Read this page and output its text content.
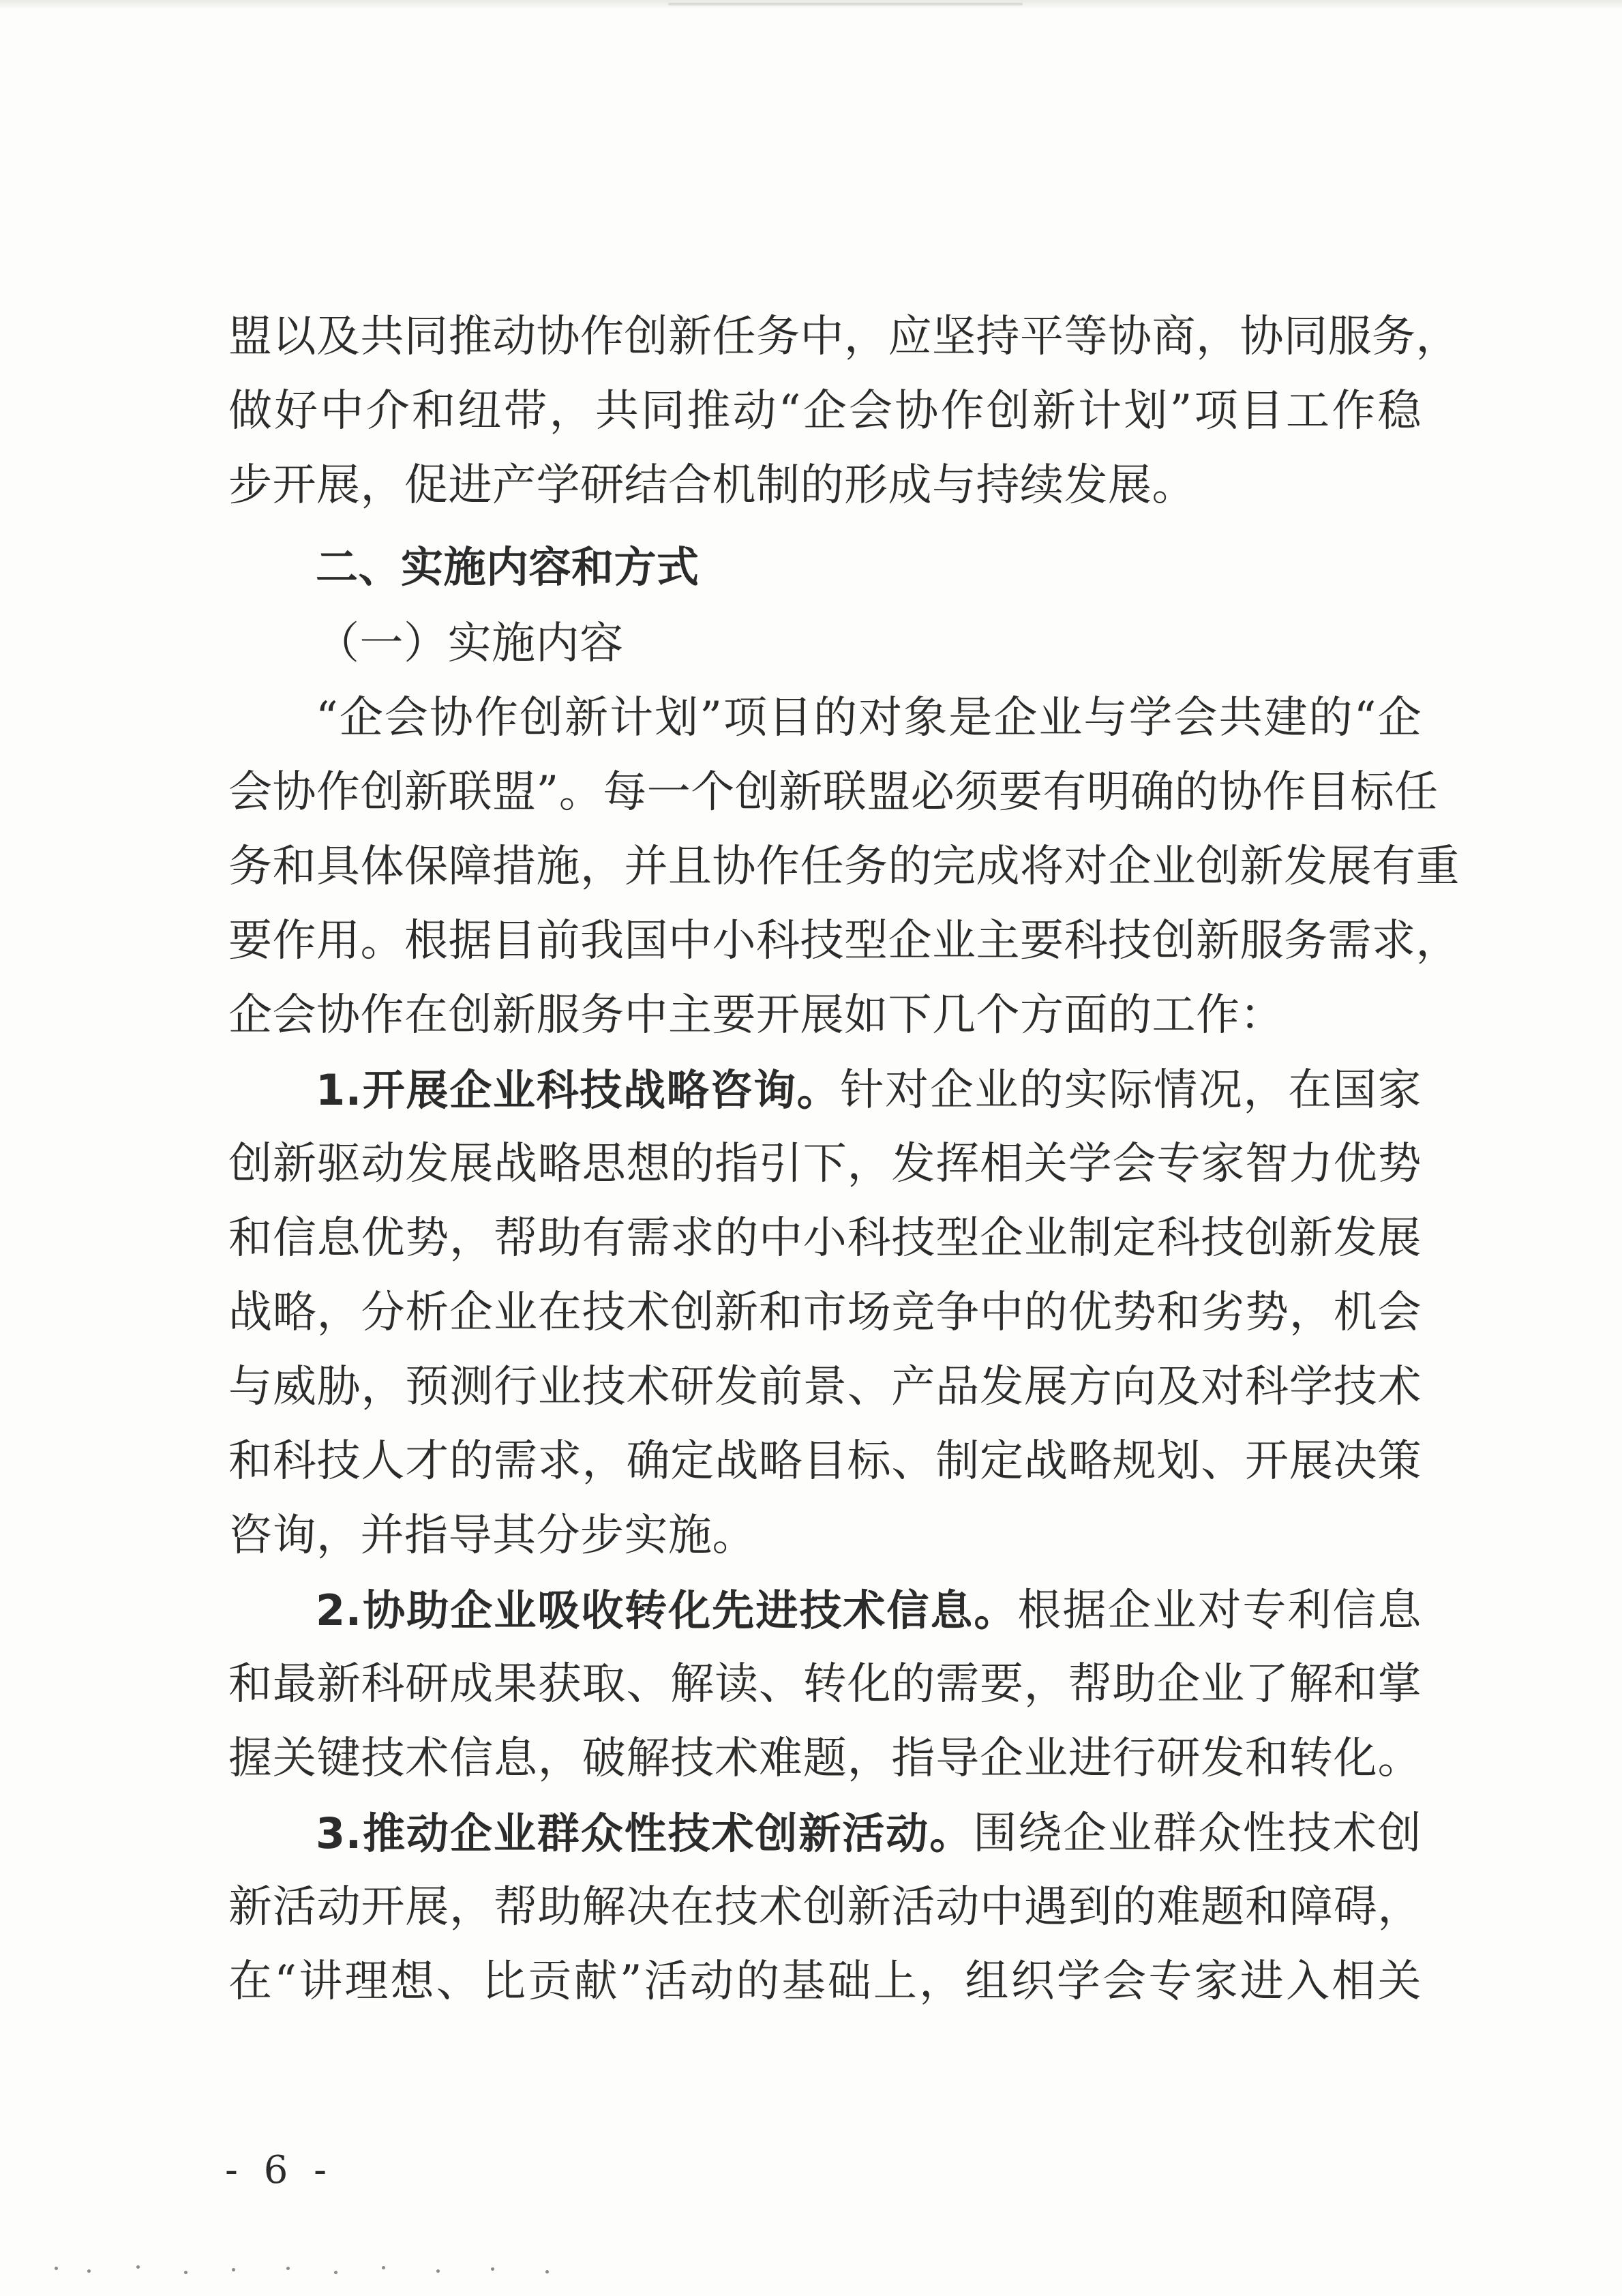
盟以及共同推动协作创新任务中，应坚持平等协商，协同服务，
做好中介和纽带，共同推动“企会协作创新计划”项目工作稳
步开展，促进产学研结合机制的形成与持续发展。
二、实施内容和方式
（一）实施内容
“企会协作创新计划”项目的对象是企业与学会共建的“企
会协作创新联盟”。每一个创新联盟必须要有明确的协作目标任
务和具体保障措施，并且协作任务的完成将对企业创新发展有重
要作用。根据目前我国中小科技型企业主要科技创新服务需求，
企会协作在创新服务中主要开展如下几个方面的工作：
1.开展企业科技战略咨询。针对企业的实际情况，在国家
创新驱动发展战略思想的指引下，发挥相关学会专家智力优势
和信息优势，帮助有需求的中小科技型企业制定科技创新发展
战略，分析企业在技术创新和市场竞争中的优势和劣势，机会
与威胁，预测行业技术研发前景、产品发展方向及对科学技术
和科技人才的需求，确定战略目标、制定战略规划、开展决策
咨询，并指导其分步实施。
2.协助企业吸收转化先进技术信息。根据企业对专利信息
和最新科研成果获取、解读、转化的需要，帮助企业了解和掌
握关键技术信息，破解技术难题，指导企业进行研发和转化。
3.推动企业群众性技术创新活动。围绕企业群众性技术创
新活动开展，帮助解决在技术创新活动中遇到的难题和障碍，
在“讲理想、比贡献”活动的基础上，组织学会专家进入相关
- 6 -
